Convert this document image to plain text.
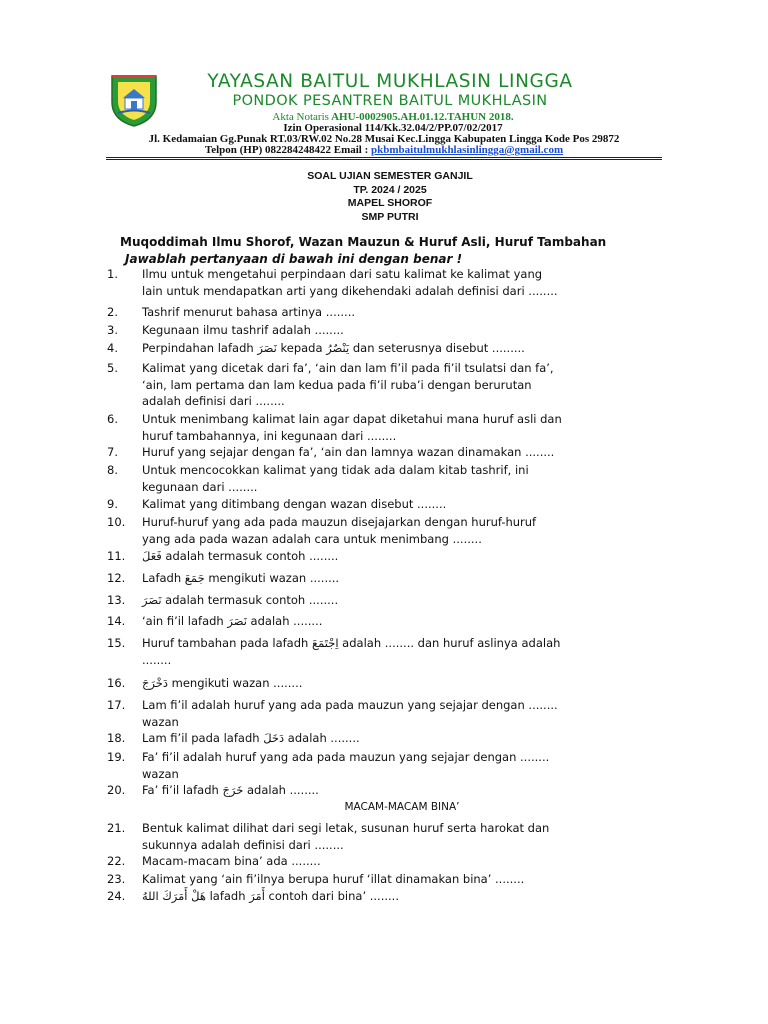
YAYASAN BAITUL MUKHLASIN LINGGA
PONDOK PESANTREN BAITUL MUKHLASIN
Akta Notaris AHU-0002905.AH.01.12.TAHUN 2018.
Izin Operasional 114/Kk.32.04/2/PP.07/02/2017
Jl. Kedamaian Gg.Punak RT.03/RW.02 No.28 Musai Kec.Lingga Kabupaten Lingga Kode Pos 29872
Telpon (HP) 082284248422 Email : pkbmbaitulmukhlasinlingga@gmail.com
SOAL UJIAN SEMESTER GANJIL
TP. 2024 / 2025
MAPEL SHOROF
SMP PUTRI
Muqoddimah Ilmu Shorof, Wazan Mauzun & Huruf Asli, Huruf Tambahan
Jawablah pertanyaan di bawah ini dengan benar !
1. Ilmu untuk mengetahui perpindaan dari satu kalimat ke kalimat yang
lain untuk mendapatkan arti yang dikehendaki adalah definisi dari ........
2. Tashrif menurut bahasa artinya ........
3. Kegunaan ilmu tashrif adalah ........
4. Perpindahan lafadh نَصَرَ kepada يَنْصُرُ dan seterusnya disebut .........
5. Kalimat yang dicetak dari fa’, ‘ain dan lam fi’il pada fi’il tsulatsi dan fa’,
‘ain, lam pertama dan lam kedua pada fi’il ruba’i dengan berurutan
adalah definisi dari ........
6. Untuk menimbang kalimat lain agar dapat diketahui mana huruf asli dan
huruf tambahannya, ini kegunaan dari ........
7. Huruf yang sejajar dengan fa’, ‘ain dan lamnya wazan dinamakan ........
8. Untuk mencocokkan kalimat yang tidak ada dalam kitab tashrif, ini
kegunaan dari ........
9. Kalimat yang ditimbang dengan wazan disebut ........
10. Huruf-huruf yang ada pada mauzun disejajarkan dengan huruf-huruf
yang ada pada wazan adalah cara untuk menimbang ........
11. فَعَلَ adalah termasuk contoh ........
12. Lafadh جَمَعَ mengikuti wazan ........
13. نَصَرَ adalah termasuk contoh ........
14. ‘ain fi’il lafadh نَصَرَ adalah ........
15. Huruf tambahan pada lafadh اِجْتَمَعَ adalah ........ dan huruf aslinya adalah
........
16. دَخْرَجَ mengikuti wazan ........
17. Lam fi’il adalah huruf yang ada pada mauzun yang sejajar dengan ........
wazan
18. Lam fi’il pada lafadh دَخَلَ adalah ........
19. Fa’ fi’il adalah huruf yang ada pada mauzun yang sejajar dengan ........
wazan
20. Fa’ fi’il lafadh خَرَجَ adalah ........
21. Bentuk kalimat dilihat dari segi letak, susunan huruf serta harokat dan
sukunnya adalah definisi dari ........
22. Macam-macam bina’ ada ........
23. Kalimat yang ‘ain fi’ilnya berupa huruf ‘illat dinamakan bina’ ........
24. هَلْ أَمَرَكَ اللهُ lafadh أَمَرَ contoh dari bina’ ........
MACAM-MACAM BINA’
